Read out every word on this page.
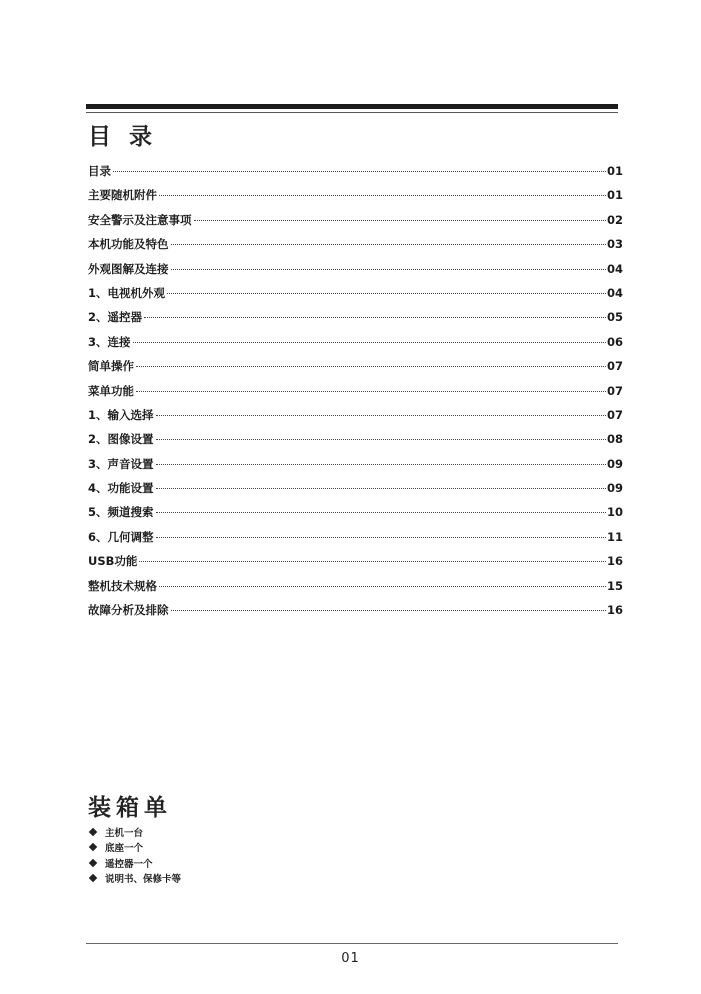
目 录
目录	01
主要随机附件	01
安全警示及注意事项	02
本机功能及特色	03
外观图解及连接	04
1、电视机外观	04
2、遥控器	05
3、连接	06
简单操作	07
菜单功能	07
1、输入选择	07
2、图像设置	08
3、声音设置	09
4、功能设置	09
5、频道搜索	10
6、几何调整	11
USB功能	16
整机技术规格	15
故障分析及排除	16
装箱单
主机一台
底座一个
遥控器一个
说明书、保修卡等
01
